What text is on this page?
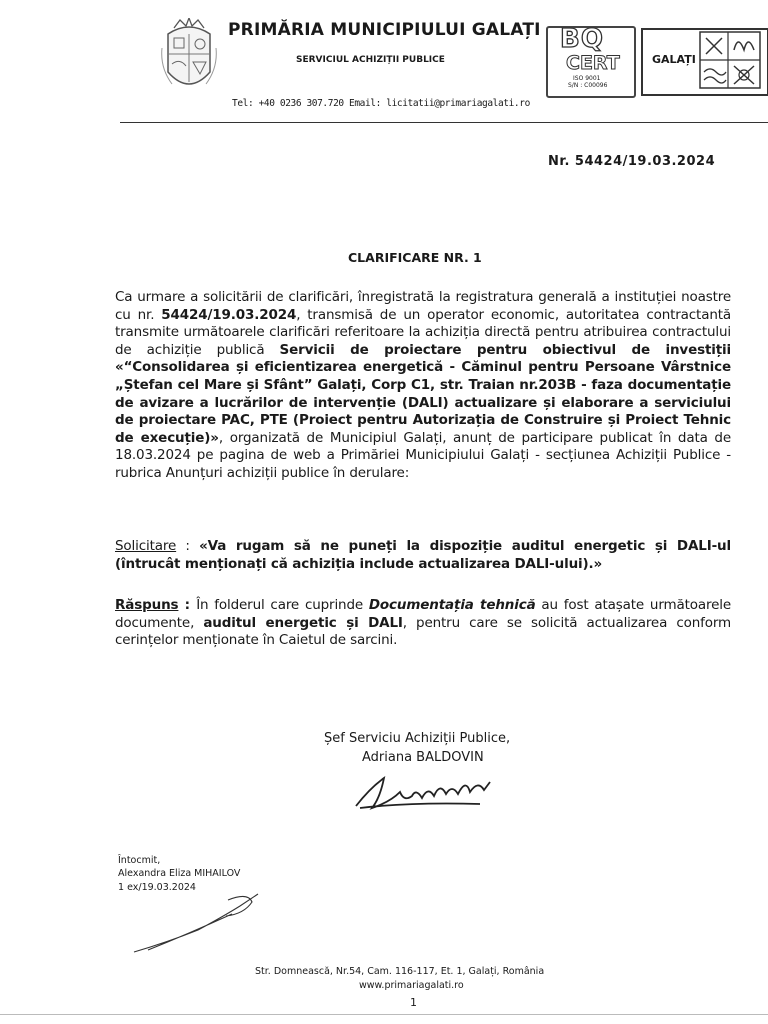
PRIMĂRIA MUNICIPIULUI GALAȚI
SERVICIUL ACHIZIȚII PUBLICE
Tel: +40 0236 307.720 Email: licitatii@primariagalati.ro
BQ
CERT
ISO 9001
S/N : C00096
GALAȚI
Nr. 54424/19.03.2024
CLARIFICARE NR. 1
Ca urmare a solicitării de clarificări, înregistrată la registratura generală a instituției noastre cu nr. 54424/19.03.2024, transmisă de un operator economic, autoritatea contractantă transmite următoarele clarificări referitoare la achiziția directă pentru atribuirea contractului de achiziție publică Servicii de proiectare pentru obiectivul de investiții «“Consolidarea și eficientizarea energetică - Căminul pentru Persoane Vârstnice „Ștefan cel Mare și Sfânt” Galați, Corp C1, str. Traian nr.203B - faza documentație de avizare a lucrărilor de intervenție (DALI) actualizare și elaborare a serviciului de proiectare PAC, PTE (Proiect pentru Autorizația de Construire și Proiect Tehnic de execuție)», organizată de Municipiul Galați, anunț de participare publicat în data de 18.03.2024 pe pagina de web a Primăriei Municipiului Galați - secțiunea Achiziții Publice - rubrica Anunțuri achiziții publice în derulare:
Solicitare : «Va rugam să ne puneți la dispoziție auditul energetic și DALI-ul (întrucât menționați că achiziția include actualizarea DALI-ului).»
Răspuns : În folderul care cuprinde Documentația tehnică au fost atașate următoarele documente, auditul energetic și DALI, pentru care se solicită actualizarea conform cerințelor menționate în Caietul de sarcini.
Șef Serviciu Achiziții Publice,
Adriana BALDOVIN
Întocmit,
Alexandra Eliza MIHAILOV
1 ex/19.03.2024
Str. Domnească, Nr.54, Cam. 116-117, Et. 1, Galați, România
www.primariagalati.ro
1
